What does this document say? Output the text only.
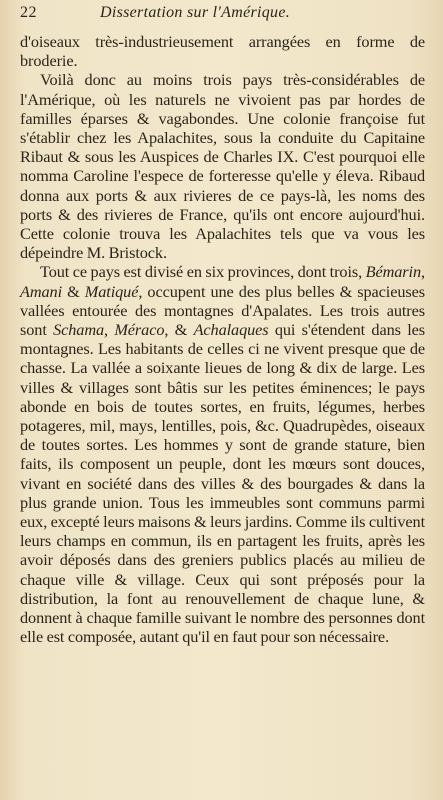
22	Dissertation sur l'Amérique.

d'oiseaux très-industrieusement arrangées en forme de broderie.

Voilà donc au moins trois pays très-considérables de l'Amérique, où les naturels ne vivoient pas par hordes de familles éparses & vagabondes. Une colonie françoise fut s'établir chez les Apalachites, sous la conduite du Capitaine Ribaut & sous les Auspices de Charles IX. C'est pourquoi elle nomma Caroline l'espece de forteresse qu'elle y éleva. Ribaud donna aux ports & aux rivieres de ce pays-là, les noms des ports & des rivieres de France, qu'ils ont encore aujourd'hui. Cette colonie trouva les Apalachites tels que va vous les dépeindre M. Bristock.

Tout ce pays est divisé en six provinces, dont trois, Bémarin, Amani & Matiqué, occupent une des plus belles & spacieuses vallées entourée des montagnes d'Apalates. Les trois autres sont Schama, Méraco, & Achalaques qui s'étendent dans les montagnes. Les habitants de celles ci ne vivent presque que de chasse. La vallée a soixante lieues de long & dix de large. Les villes & villages sont bâtis sur les petites éminences; le pays abonde en bois de toutes sortes, en fruits, légumes, herbes potageres, mil, mays, lentilles, pois, &c. Quadrupèdes, oiseaux de toutes sortes. Les hommes y sont de grande stature, bien faits, ils composent un peuple, dont les mœurs sont douces, vivant en société dans des villes & des bourgades & dans la plus grande union. Tous les immeubles sont communs parmi eux, excepté leurs maisons & leurs jardins. Comme ils cultivent leurs champs en commun, ils en partagent les fruits, après les avoir déposés dans des greniers publics placés au milieu de chaque ville & village. Ceux qui sont préposés pour la distribution, la font au renouvellement de chaque lune, & donnent à chaque famille suivant le nombre des personnes dont elle est composée, autant qu'il en faut pour son nécessaire.
